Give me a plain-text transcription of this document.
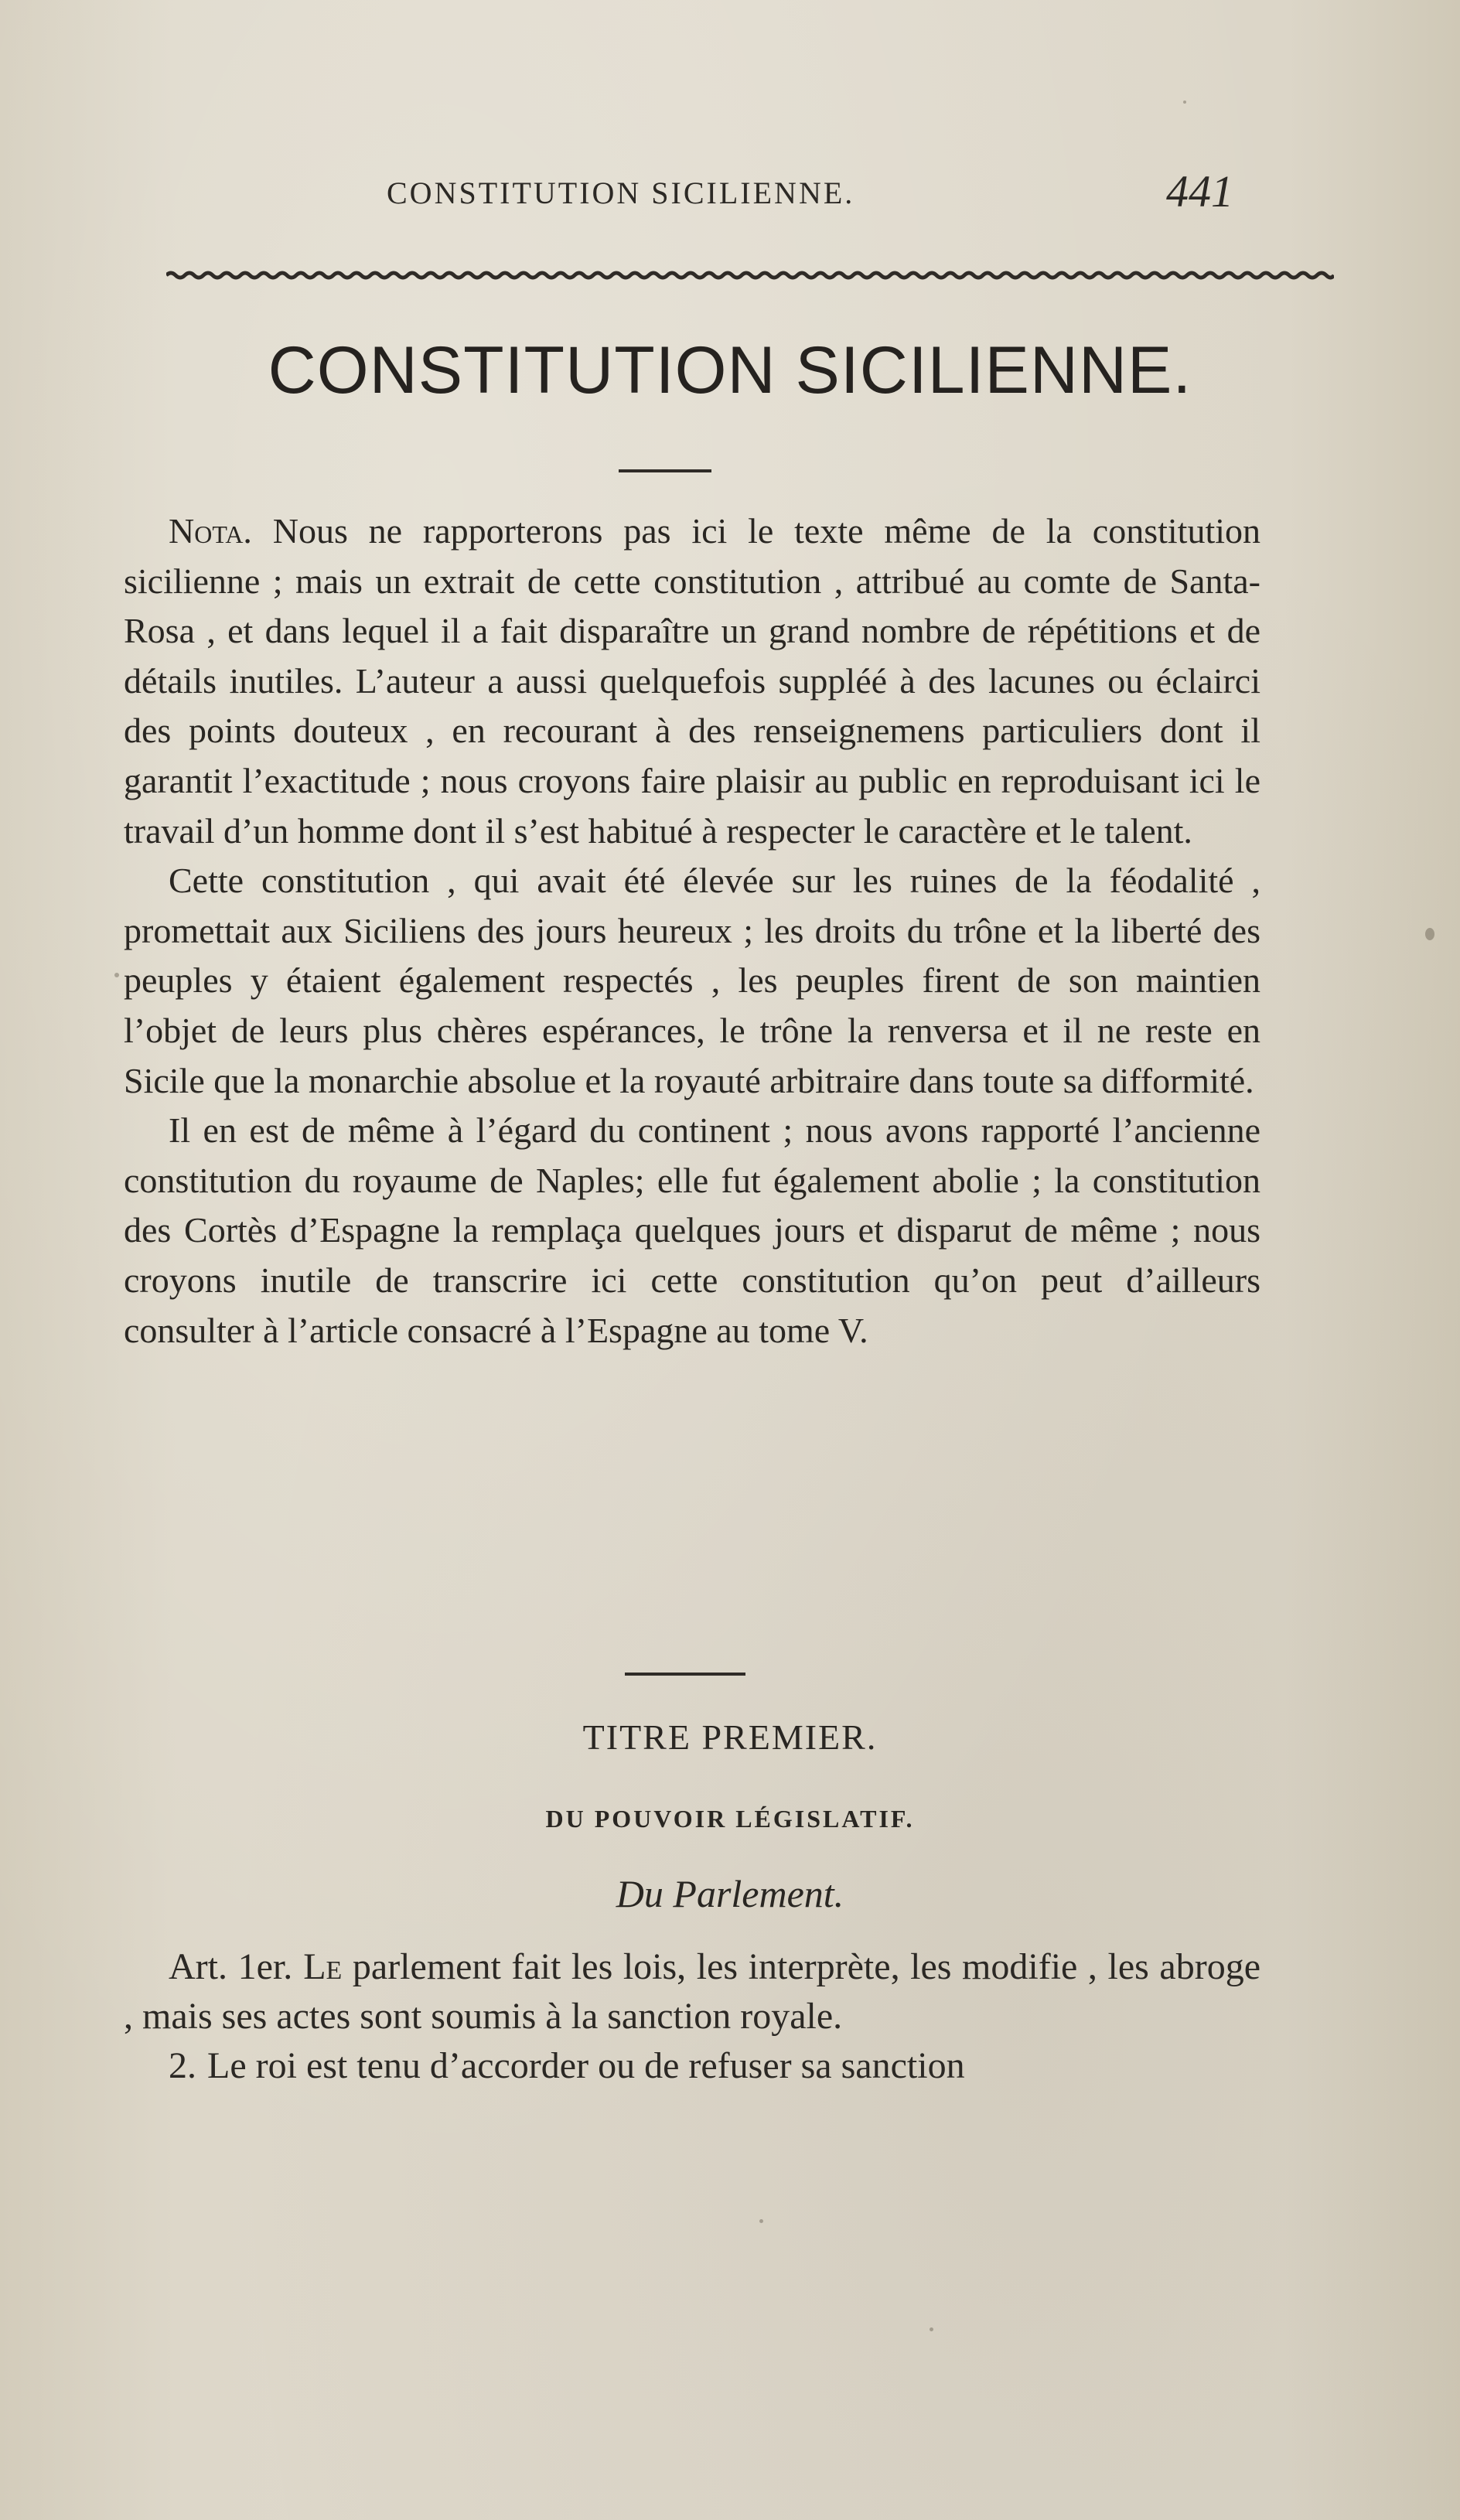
CONSTITUTION SICILIENNE.	441
CONSTITUTION SICILIENNE.

Nota. Nous ne rapporterons pas ici le texte même de la constitution sicilienne ; mais un extrait de cette constitution , attribué au comte de Santa-Rosa , et dans lequel il a fait disparaître un grand nombre de répétitions et de détails inutiles. L’auteur a aussi quelquefois suppléé à des lacunes ou éclairci des points douteux , en recourant à des renseignemens particuliers dont il garantit l’exactitude ; nous croyons faire plaisir au public en reproduisant ici le travail d’un homme dont il s’est habitué à respecter le caractère et le talent.

Cette constitution , qui avait été élevée sur les ruines de la féodalité , promettait aux Siciliens des jours heureux ; les droits du trône et la liberté des peuples y étaient également respectés , les peuples firent de son maintien l’objet de leurs plus chères espérances, le trône la renversa et il ne reste en Sicile que la monarchie absolue et la royauté arbitraire dans toute sa difformité.

Il en est de même à l’égard du continent ; nous avons rapporté l’ancienne constitution du royaume de Naples; elle fut également abolie ; la constitution des Cortès d’Espagne la remplaça quelques jours et disparut de même ; nous croyons inutile de transcrire ici cette constitution qu’on peut d’ailleurs consulter à l’article consacré à l’Espagne au tome V.

TITRE PREMIER.
DU POUVOIR LÉGISLATIF.
Du Parlement.

Art. 1er. Le parlement fait les lois, les interprète, les modifie , les abroge , mais ses actes sont soumis à la sanction royale.

2. Le roi est tenu d’accorder ou de refuser sa sanction
